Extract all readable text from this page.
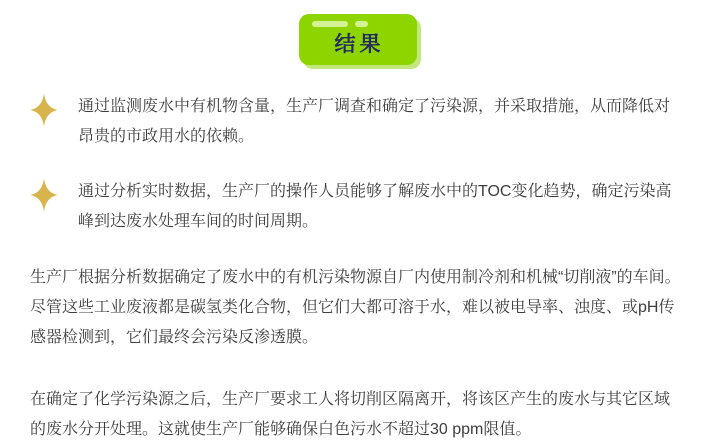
结果

通过监测废水中有机物含量，生产厂调查和确定了污染源，并采取措施，从而降低对昂贵的市政用水的依赖。

通过分析实时数据，生产厂的操作人员能够了解废水中的TOC变化趋势，确定污染高峰到达废水处理车间的时间周期。

生产厂根据分析数据确定了废水中的有机污染物源自厂内使用制冷剂和机械“切削液”的车间。尽管这些工业废液都是碳氢类化合物，但它们大都可溶于水，难以被电导率、浊度、或pH传感器检测到，它们最终会污染反渗透膜。

在确定了化学污染源之后，生产厂要求工人将切削区隔离开，将该区产生的废水与其它区域的废水分开处理。这就使生产厂能够确保白色污水不超过30 ppm限值。
